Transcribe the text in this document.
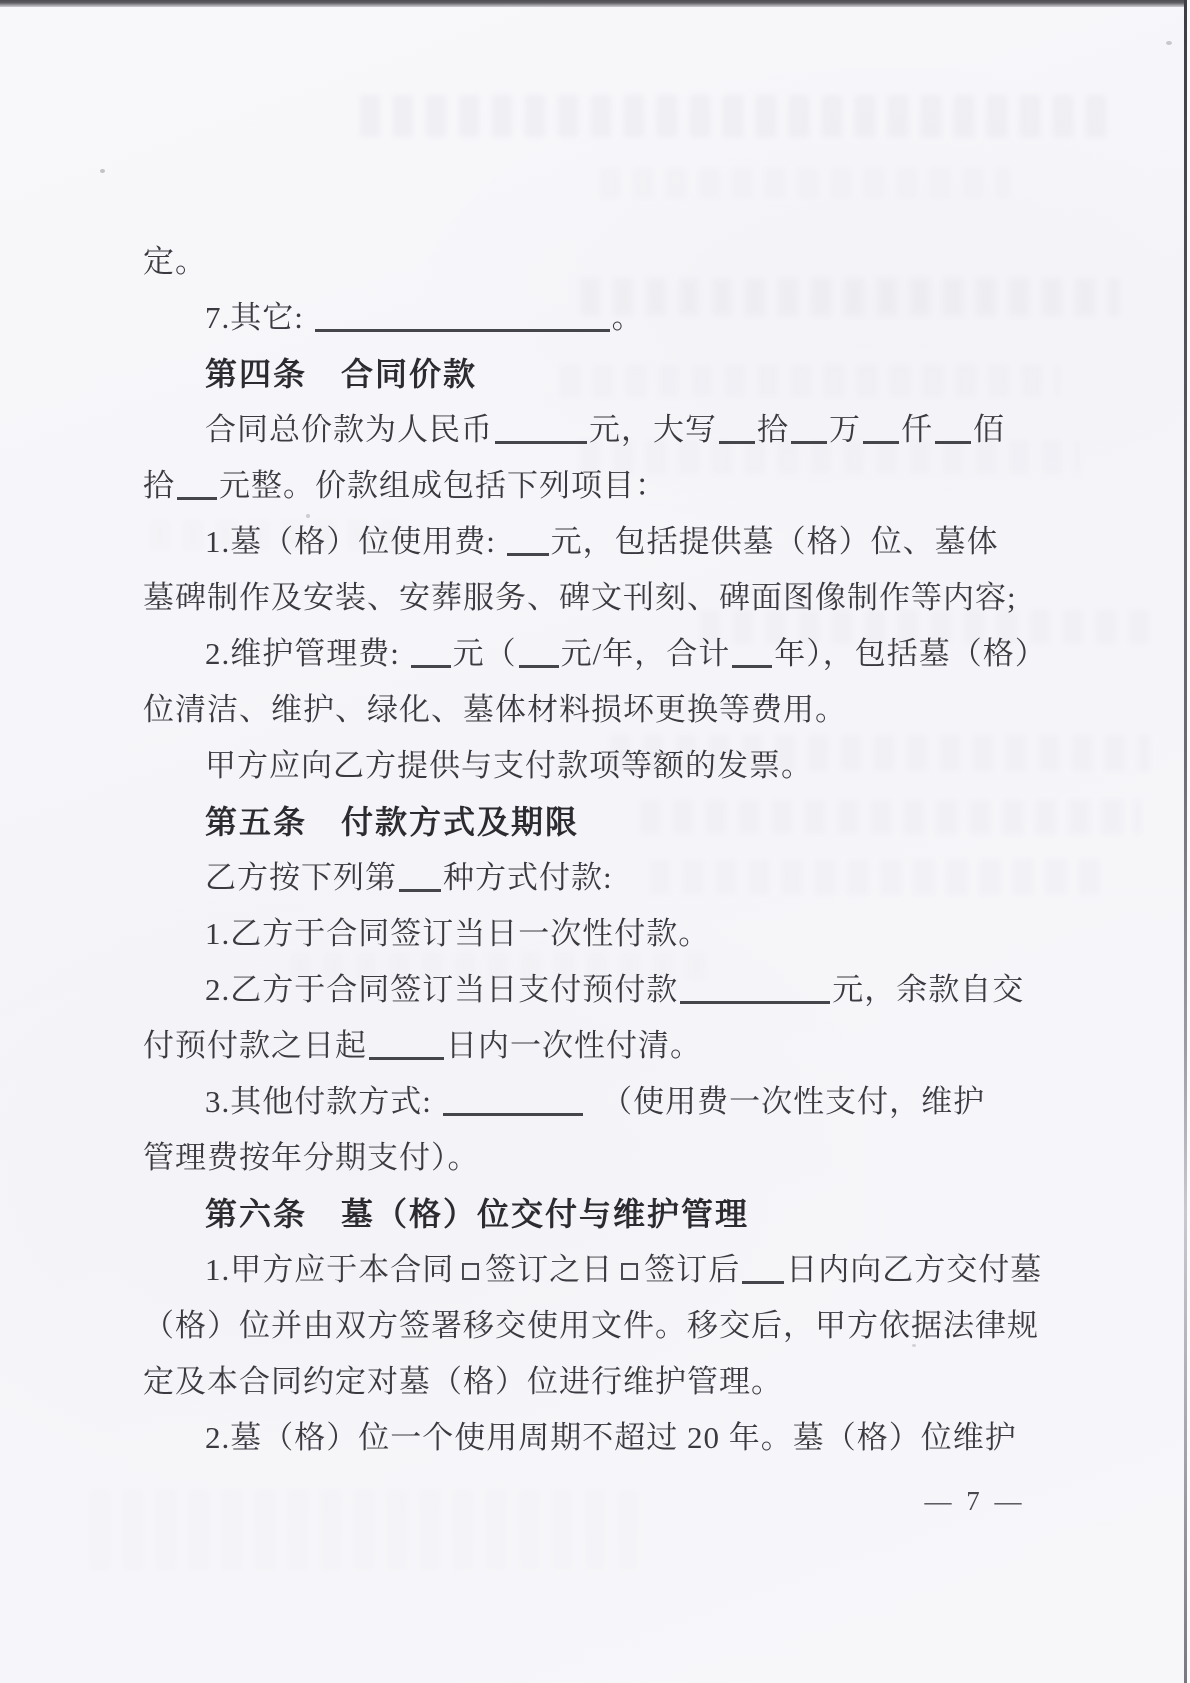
定。
7.其它:	。
第四条　合同价款
合同总价款为人民币	元，大写 拾 万 仟 佰
拾 元整。价款组成包括下列项目：
1.墓（格）位使用费: 元，包括提供墓（格）位、墓体
墓碑制作及安装、安葬服务、碑文刊刻、碑面图像制作等内容;
2.维护管理费: 元（ 元/年，合计 年），包括墓（格）
位清洁、维护、绿化、墓体材料损坏更换等费用。
甲方应向乙方提供与支付款项等额的发票。
第五条　付款方式及期限
乙方按下列第 种方式付款:
1.乙方于合同签订当日一次性付款。
2.乙方于合同签订当日支付预付款	元，余款自交
付预付款之日起	日内一次性付清。
3.其他付款方式:	　（使用费一次性支付，维护
管理费按年分期支付）。
第六条　墓（格）位交付与维护管理
1.甲方应于本合同 签订之日 签订后 日内向乙方交付墓
（格）位并由双方签署移交使用文件。移交后，甲方依据法律规
定及本合同约定对墓（格）位进行维护管理。
2.墓（格）位一个使用周期不超过 20 年。墓（格）位维护
— 7 —
